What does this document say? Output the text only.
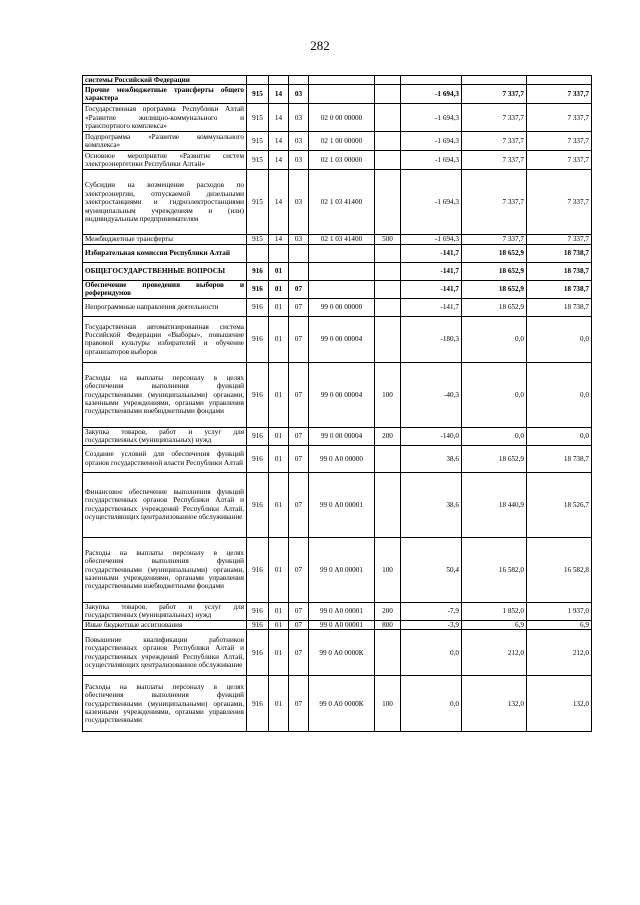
282
системы Российской Федерации								
Прочие межбюджетные трансферты общего характера	915	14	03			-1 694,3	7 337,7	7 337,7
Государственная программа Республики Алтай «Развитие жилищно-коммунального и транспортного комплекса»	915	14	03	02 0 00 00000		-1 694,3	7 337,7	7 337,7
Подпрограмма «Развитие коммунального комплекса»	915	14	03	02 1 00 00000		-1 694,3	7 337,7	7 337,7
Основное мероприятие «Развитие систем электроэнергетики Республики Алтай»	915	14	03	02 1 03 00000		-1 694,3	7 337,7	7 337,7
Субсидии на возмещение расходов по электроэнергии, отпускаемой дизельными электростанциями и гидроэлектростанциями муниципальным учреждениям и (или) индивидуальным предпринимателям	915	14	03	02 1 03 41400		-1 694,3	7 337,7	7 337,7
Межбюджетные трансферты	915	14	03	02 1 03 41400	500	-1 694,3	7 337,7	7 337,7
Избирательная комиссия Республики Алтай						-141,7	18 652,9	18 738,7
ОБЩЕГОСУДАРСТВЕННЫЕ ВОПРОСЫ	916	01				-141,7	18 652,9	18 738,7
Обеспечение проведения выборов и референдумов	916	01	07			-141,7	18 652,9	18 738,7
Непрограммные направления деятельности	916	01	07	99 0 00 00000		-141,7	18 652,9	18 738,7
Государственная автоматизированная система Российской Федерации «Выборы», повышение правовой культуры избирателей и обучение организаторов выборов	916	01	07	99 0 00 00004		-180,3	0,0	0,0
Расходы на выплаты персоналу в целях обеспечения выполнения функций государственными (муниципальными) органами, казенными учреждениями, органами управления государственными внебюджетными фондами	916	01	07	99 0 00 00004	100	-40,3	0,0	0,0
Закупка товаров, работ и услуг для государственных (муниципальных) нужд	916	01	07	99 0 00 00004	200	-140,0	0,0	0,0
Создание условий для обеспечения функций органов государственной власти Республики Алтай	916	01	07	99 0 А0 00000		38,6	18 652,9	18 738,7
Финансовое обеспечение выполнения функций государственных органов Республики Алтай и государственных учреждений Республики Алтай, осуществляющих централизованное обслуживание	916	01	07	99 0 А0 00001		38,6	18 440,9	18 526,7
Расходы на выплаты персоналу в целях обеспечения выполнения функций государственными (муниципальными) органами, казенными учреждениями, органами управления государственными внебюджетными фондами	916	01	07	99 0 А0 00001	100	50,4	16 582,0	16 582,8
Закупка товаров, работ и услуг для государственных (муниципальных) нужд	916	01	07	99 0 А0 00001	200	-7,9	1 852,0	1 937,0
Иные бюджетные ассигнования	916	01	07	99 0 А0 00001	800	-3,9	6,9	6,9
Повышение квалификации работников государственных органов Республики Алтай и государственных учреждений Республики Алтай, осуществляющих централизованное обслуживание	916	01	07	99 0 А0 0000К		0,0	212,0	212,0
Расходы на выплаты персоналу в целях обеспечения выполнения функций государственными (муниципальными) органами, казенными учреждениями, органами управления государственными	916	01	07	99 0 А0 0000К	100	0,0	132,0	132,0
